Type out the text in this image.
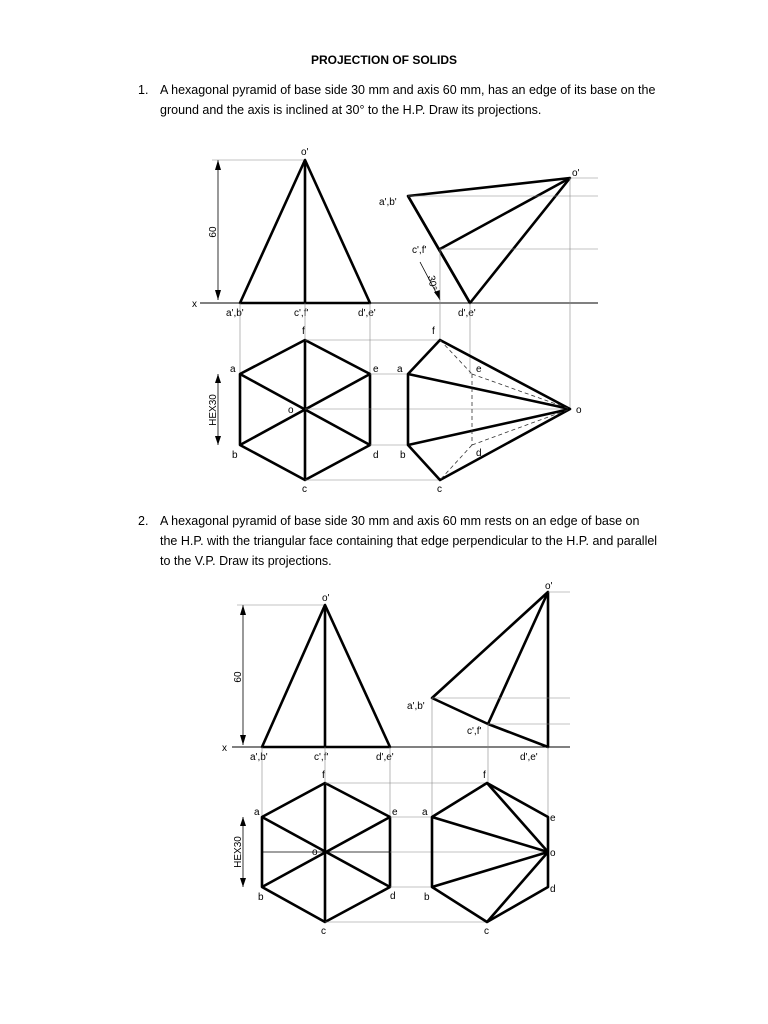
PROJECTION OF SOLIDS
1. A hexagonal pyramid of base side 30 mm and axis 60 mm, has an edge of its base on the ground and the axis is inclined at 30° to the H.P. Draw its projections.
x
60
o'
a',b'	c',f'	d',e'
HEX30
f
a	e
o
b	d
c
a',b'
c',f'
d',e'
o'
30°
f
a	e
o
b	d
c
2. A hexagonal pyramid of base side 30 mm and axis 60 mm rests on an edge of base on the H.P. with the triangular face containing that edge perpendicular to the H.P. and parallel to the V.P. Draw its projections.
x
60
o'
a',b'	c',f'	d',e'
HEX30
f
a	e
o
b	d
c
a',b'
c',f'
d',e'
o'
f
a
e
o
b
d
c
